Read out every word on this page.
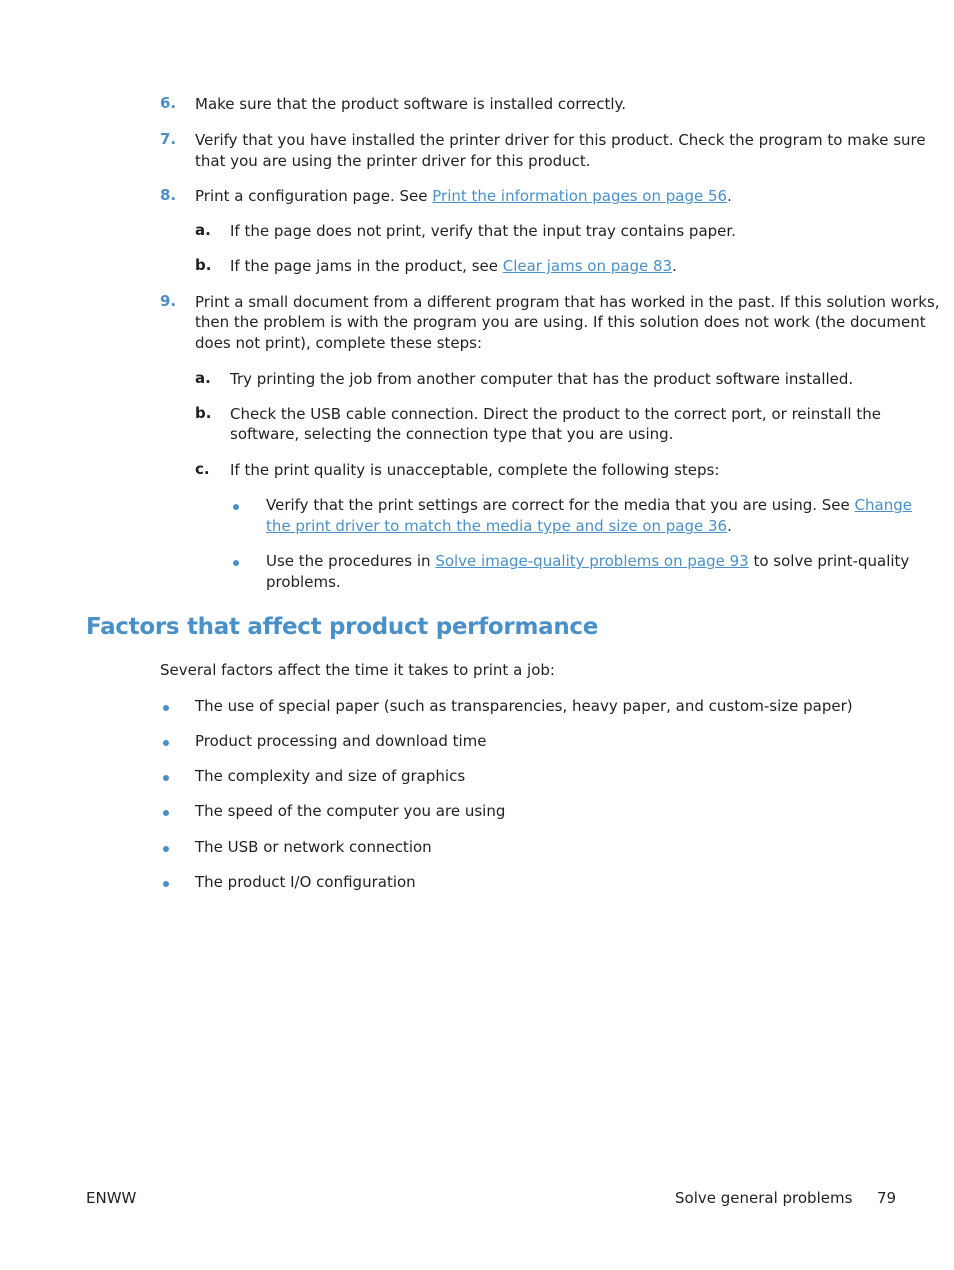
6. Make sure that the product software is installed correctly.
7. Verify that you have installed the printer driver for this product. Check the program to make sure
that you are using the printer driver for this product.
8. Print a configuration page. See Print the information pages on page 56.
a. If the page does not print, verify that the input tray contains paper.
b. If the page jams in the product, see Clear jams on page 83.
9. Print a small document from a different program that has worked in the past. If this solution works,
then the problem is with the program you are using. If this solution does not work (the document
does not print), complete these steps:
a. Try printing the job from another computer that has the product software installed.
b. Check the USB cable connection. Direct the product to the correct port, or reinstall the
software, selecting the connection type that you are using.
c. If the print quality is unacceptable, complete the following steps:
Verify that the print settings are correct for the media that you are using. See Change
the print driver to match the media type and size on page 36.
Use the procedures in Solve image-quality problems on page 93 to solve print-quality
problems.
Factors that affect product performance
Several factors affect the time it takes to print a job:
The use of special paper (such as transparencies, heavy paper, and custom-size paper)
Product processing and download time
The complexity and size of graphics
The speed of the computer you are using
The USB or network connection
The product I/O configuration
ENWW	Solve general problems 79
